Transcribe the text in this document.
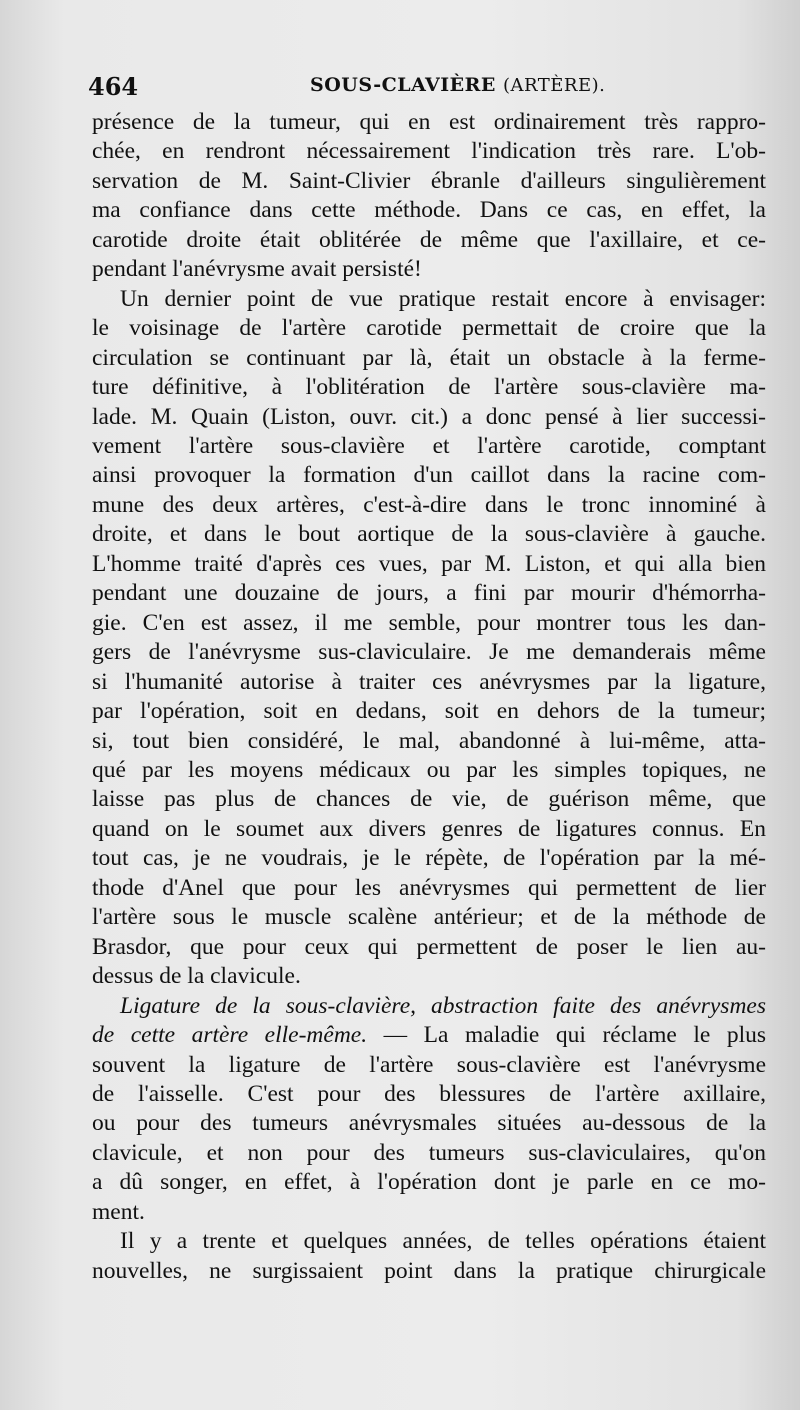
464	SOUS-CLAVIÈRE (ARTÈRE).

présence de la tumeur, qui en est ordinairement très rappro-
chée, en rendront nécessairement l'indication très rare. L'ob-
servation de M. Saint-Clivier ébranle d'ailleurs singulièrement
ma confiance dans cette méthode. Dans ce cas, en effet, la
carotide droite était oblitérée de même que l'axillaire, et ce-
pendant l'anévrysme avait persisté!

Un dernier point de vue pratique restait encore à envisager:
le voisinage de l'artère carotide permettait de croire que la
circulation se continuant par là, était un obstacle à la ferme-
ture définitive, à l'oblitération de l'artère sous-clavière ma-
lade. M. Quain (Liston, ouvr. cit.) a donc pensé à lier successi-
vement l'artère sous-clavière et l'artère carotide, comptant
ainsi provoquer la formation d'un caillot dans la racine com-
mune des deux artères, c'est-à-dire dans le tronc innominé à
droite, et dans le bout aortique de la sous-clavière à gauche.
L'homme traité d'après ces vues, par M. Liston, et qui alla bien
pendant une douzaine de jours, a fini par mourir d'hémorrha-
gie. C'en est assez, il me semble, pour montrer tous les dan-
gers de l'anévrysme sus-claviculaire. Je me demanderais même
si l'humanité autorise à traiter ces anévrysmes par la ligature,
par l'opération, soit en dedans, soit en dehors de la tumeur;
si, tout bien considéré, le mal, abandonné à lui-même, atta-
qué par les moyens médicaux ou par les simples topiques, ne
laisse pas plus de chances de vie, de guérison même, que
quand on le soumet aux divers genres de ligatures connus. En
tout cas, je ne voudrais, je le répète, de l'opération par la mé-
thode d'Anel que pour les anévrysmes qui permettent de lier
l'artère sous le muscle scalène antérieur; et de la méthode de
Brasdor, que pour ceux qui permettent de poser le lien au-
dessus de la clavicule.

Ligature de la sous-clavière, abstraction faite des anévrysmes
de cette artère elle-même. — La maladie qui réclame le plus
souvent la ligature de l'artère sous-clavière est l'anévrysme
de l'aisselle. C'est pour des blessures de l'artère axillaire,
ou pour des tumeurs anévrysmales situées au-dessous de la
clavicule, et non pour des tumeurs sus-claviculaires, qu'on
a dû songer, en effet, à l'opération dont je parle en ce mo-
ment.

Il y a trente et quelques années, de telles opérations étaient
nouvelles, ne surgissaient point dans la pratique chirurgicale
